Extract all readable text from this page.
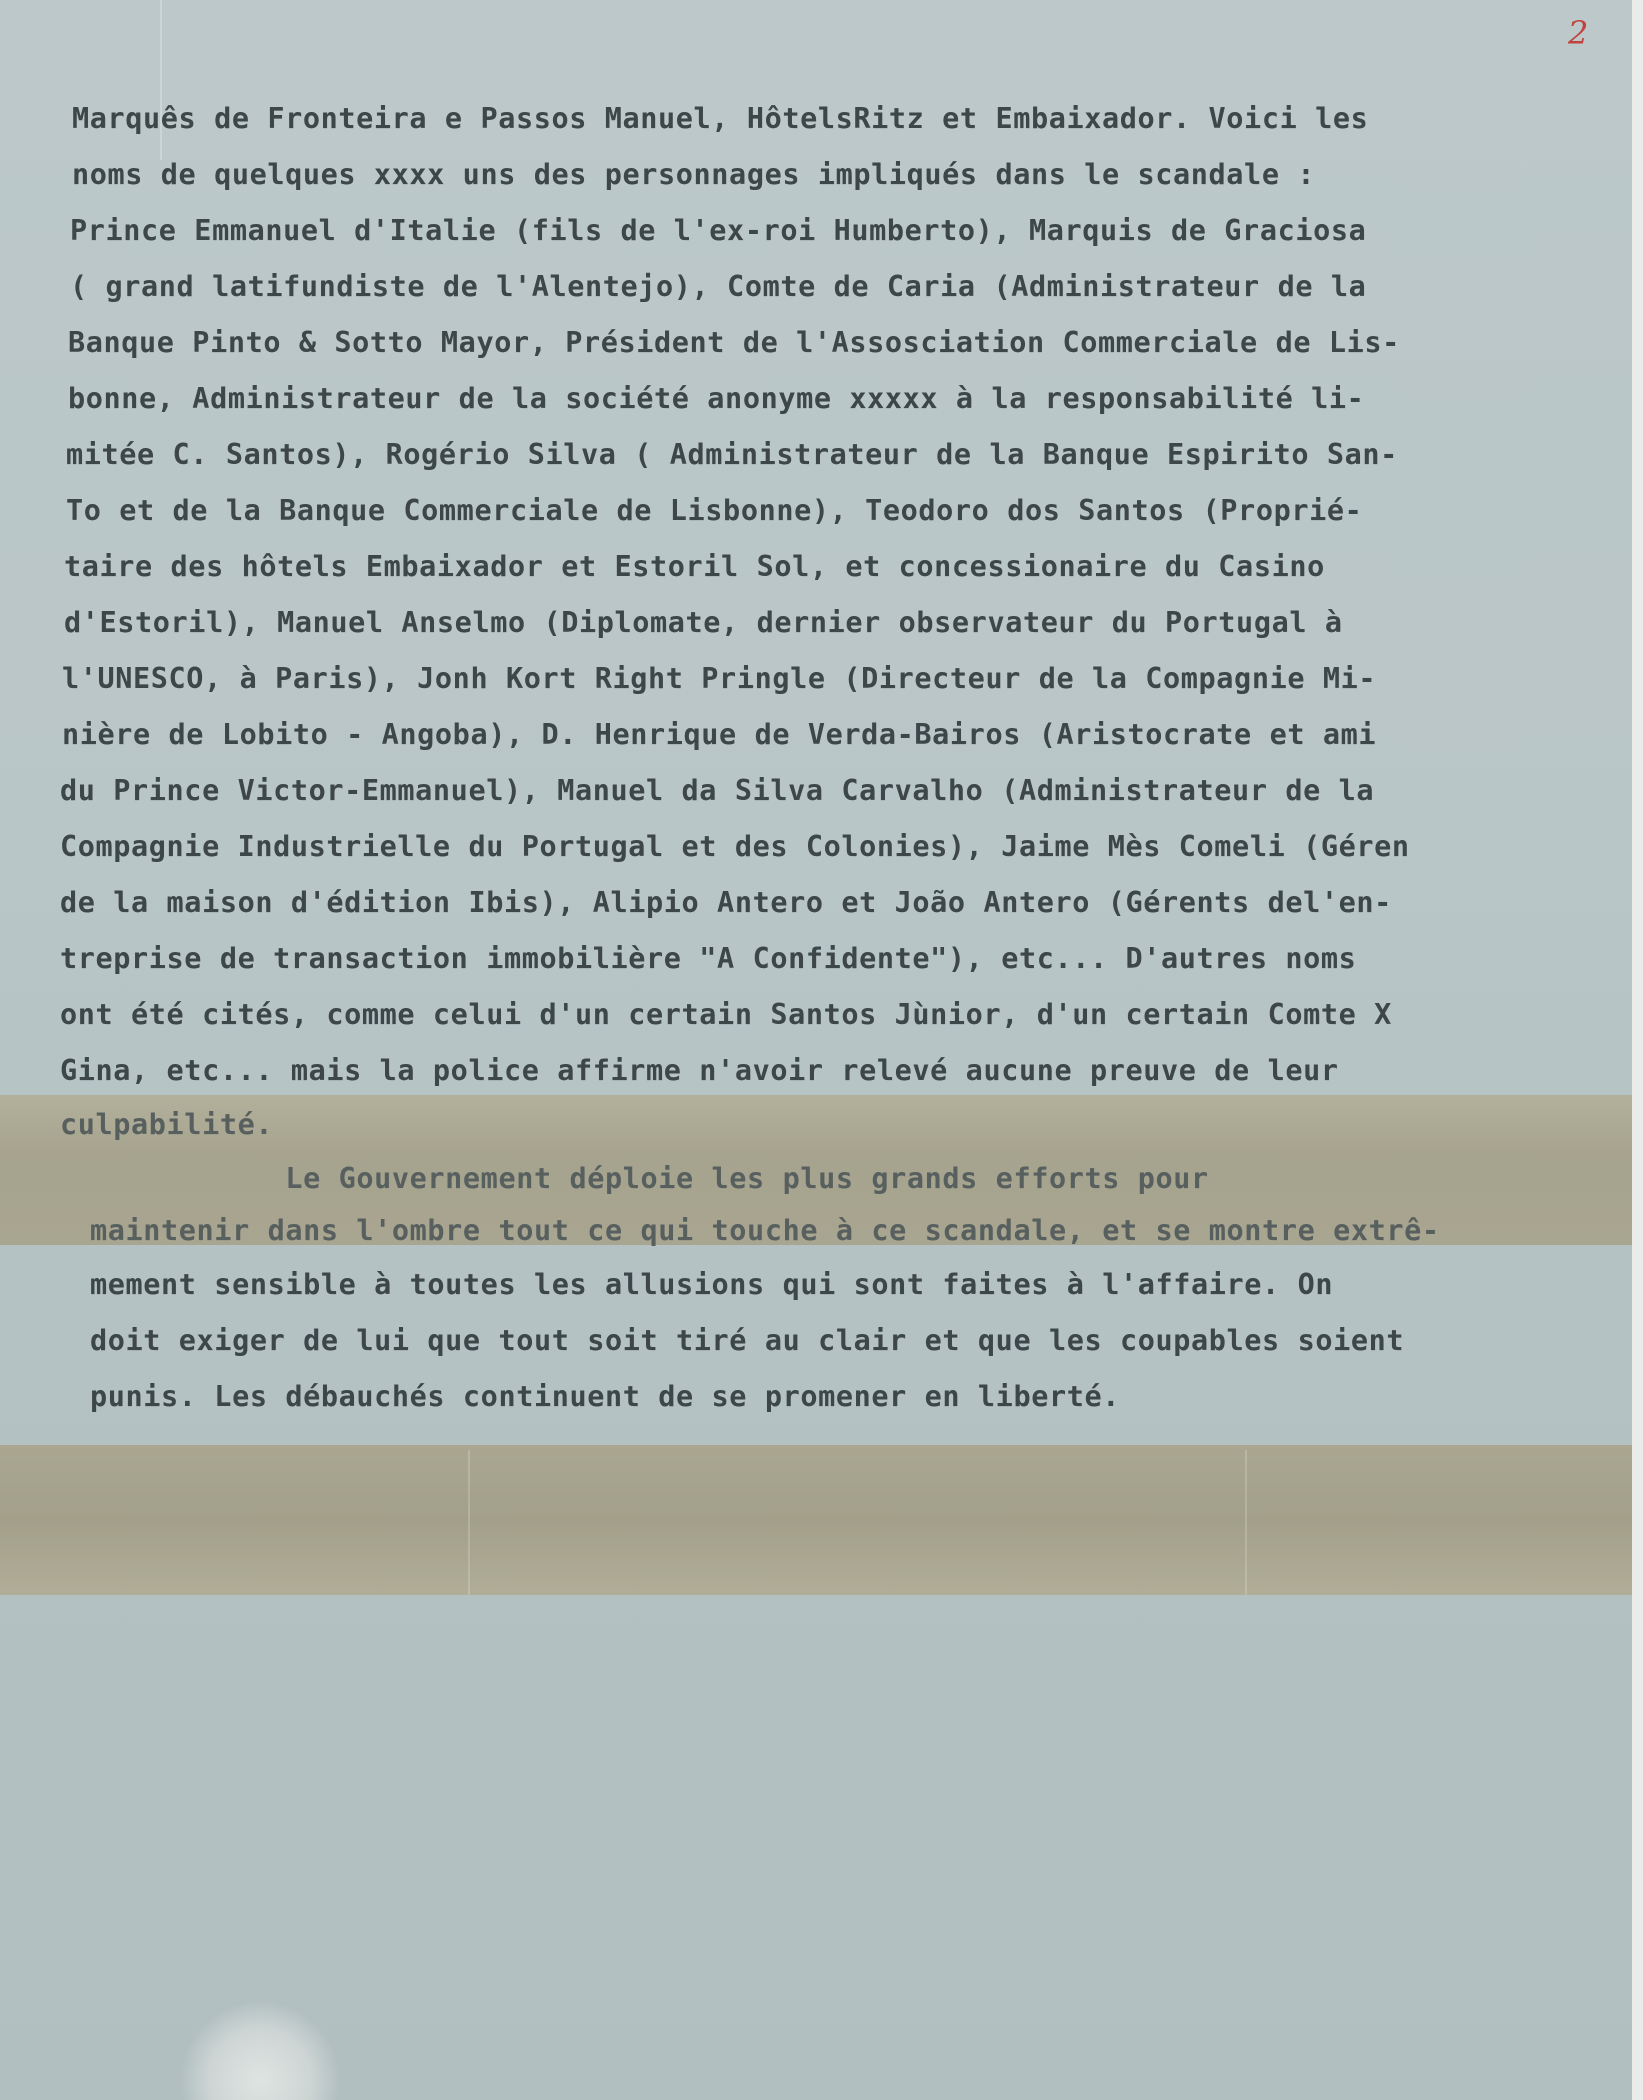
2
Marquês de Fronteira e Passos Manuel, HôtelsRitz et Embaixador. Voici les
noms de quelques xxxx uns des personnages impliqués dans le scandale :
Prince Emmanuel d'Italie (fils de l'ex-roi Humberto), Marquis de Graciosa
( grand latifundiste de l'Alentejo), Comte de Caria (Administrateur de la
Banque Pinto & Sotto Mayor, Président de l'Assosciation Commerciale de Lis-
bonne, Administrateur de la société anonyme xxxxx à la responsabilité li-
mitée C. Santos), Rogério Silva ( Administrateur de la Banque Espirito San-
To et de la Banque Commerciale de Lisbonne), Teodoro dos Santos (Proprié-
taire des hôtels Embaixador et Estoril Sol, et concessionaire du Casino
d'Estoril), Manuel Anselmo (Diplomate, dernier observateur du Portugal à
l'UNESCO, à Paris), Jonh Kort Right Pringle (Directeur de la Compagnie Mi-
nière de Lobito - Angoba), D. Henrique de Verda-Bairos (Aristocrate et ami
du Prince Victor-Emmanuel), Manuel da Silva Carvalho (Administrateur de la
Compagnie Industrielle du Portugal et des Colonies), Jaime Mès Comeli (Géren
de la maison d'édition Ibis), Alipio Antero et João Antero (Gérents del'en-
treprise de transaction immobilière "A Confidente"), etc... D'autres noms
ont été cités, comme celui d'un certain Santos Jùnior, d'un certain Comte X
Gina, etc... mais la police affirme n'avoir relevé aucune preuve de leur
culpabilité.
Le Gouvernement déploie les plus grands efforts pour
maintenir dans l'ombre tout ce qui touche à ce scandale, et se montre extrê-
mement sensible à toutes les allusions qui sont faites à l'affaire. On
doit exiger de lui que tout soit tiré au clair et que les coupables soient
punis. Les débauchés continuent de se promener en liberté.
